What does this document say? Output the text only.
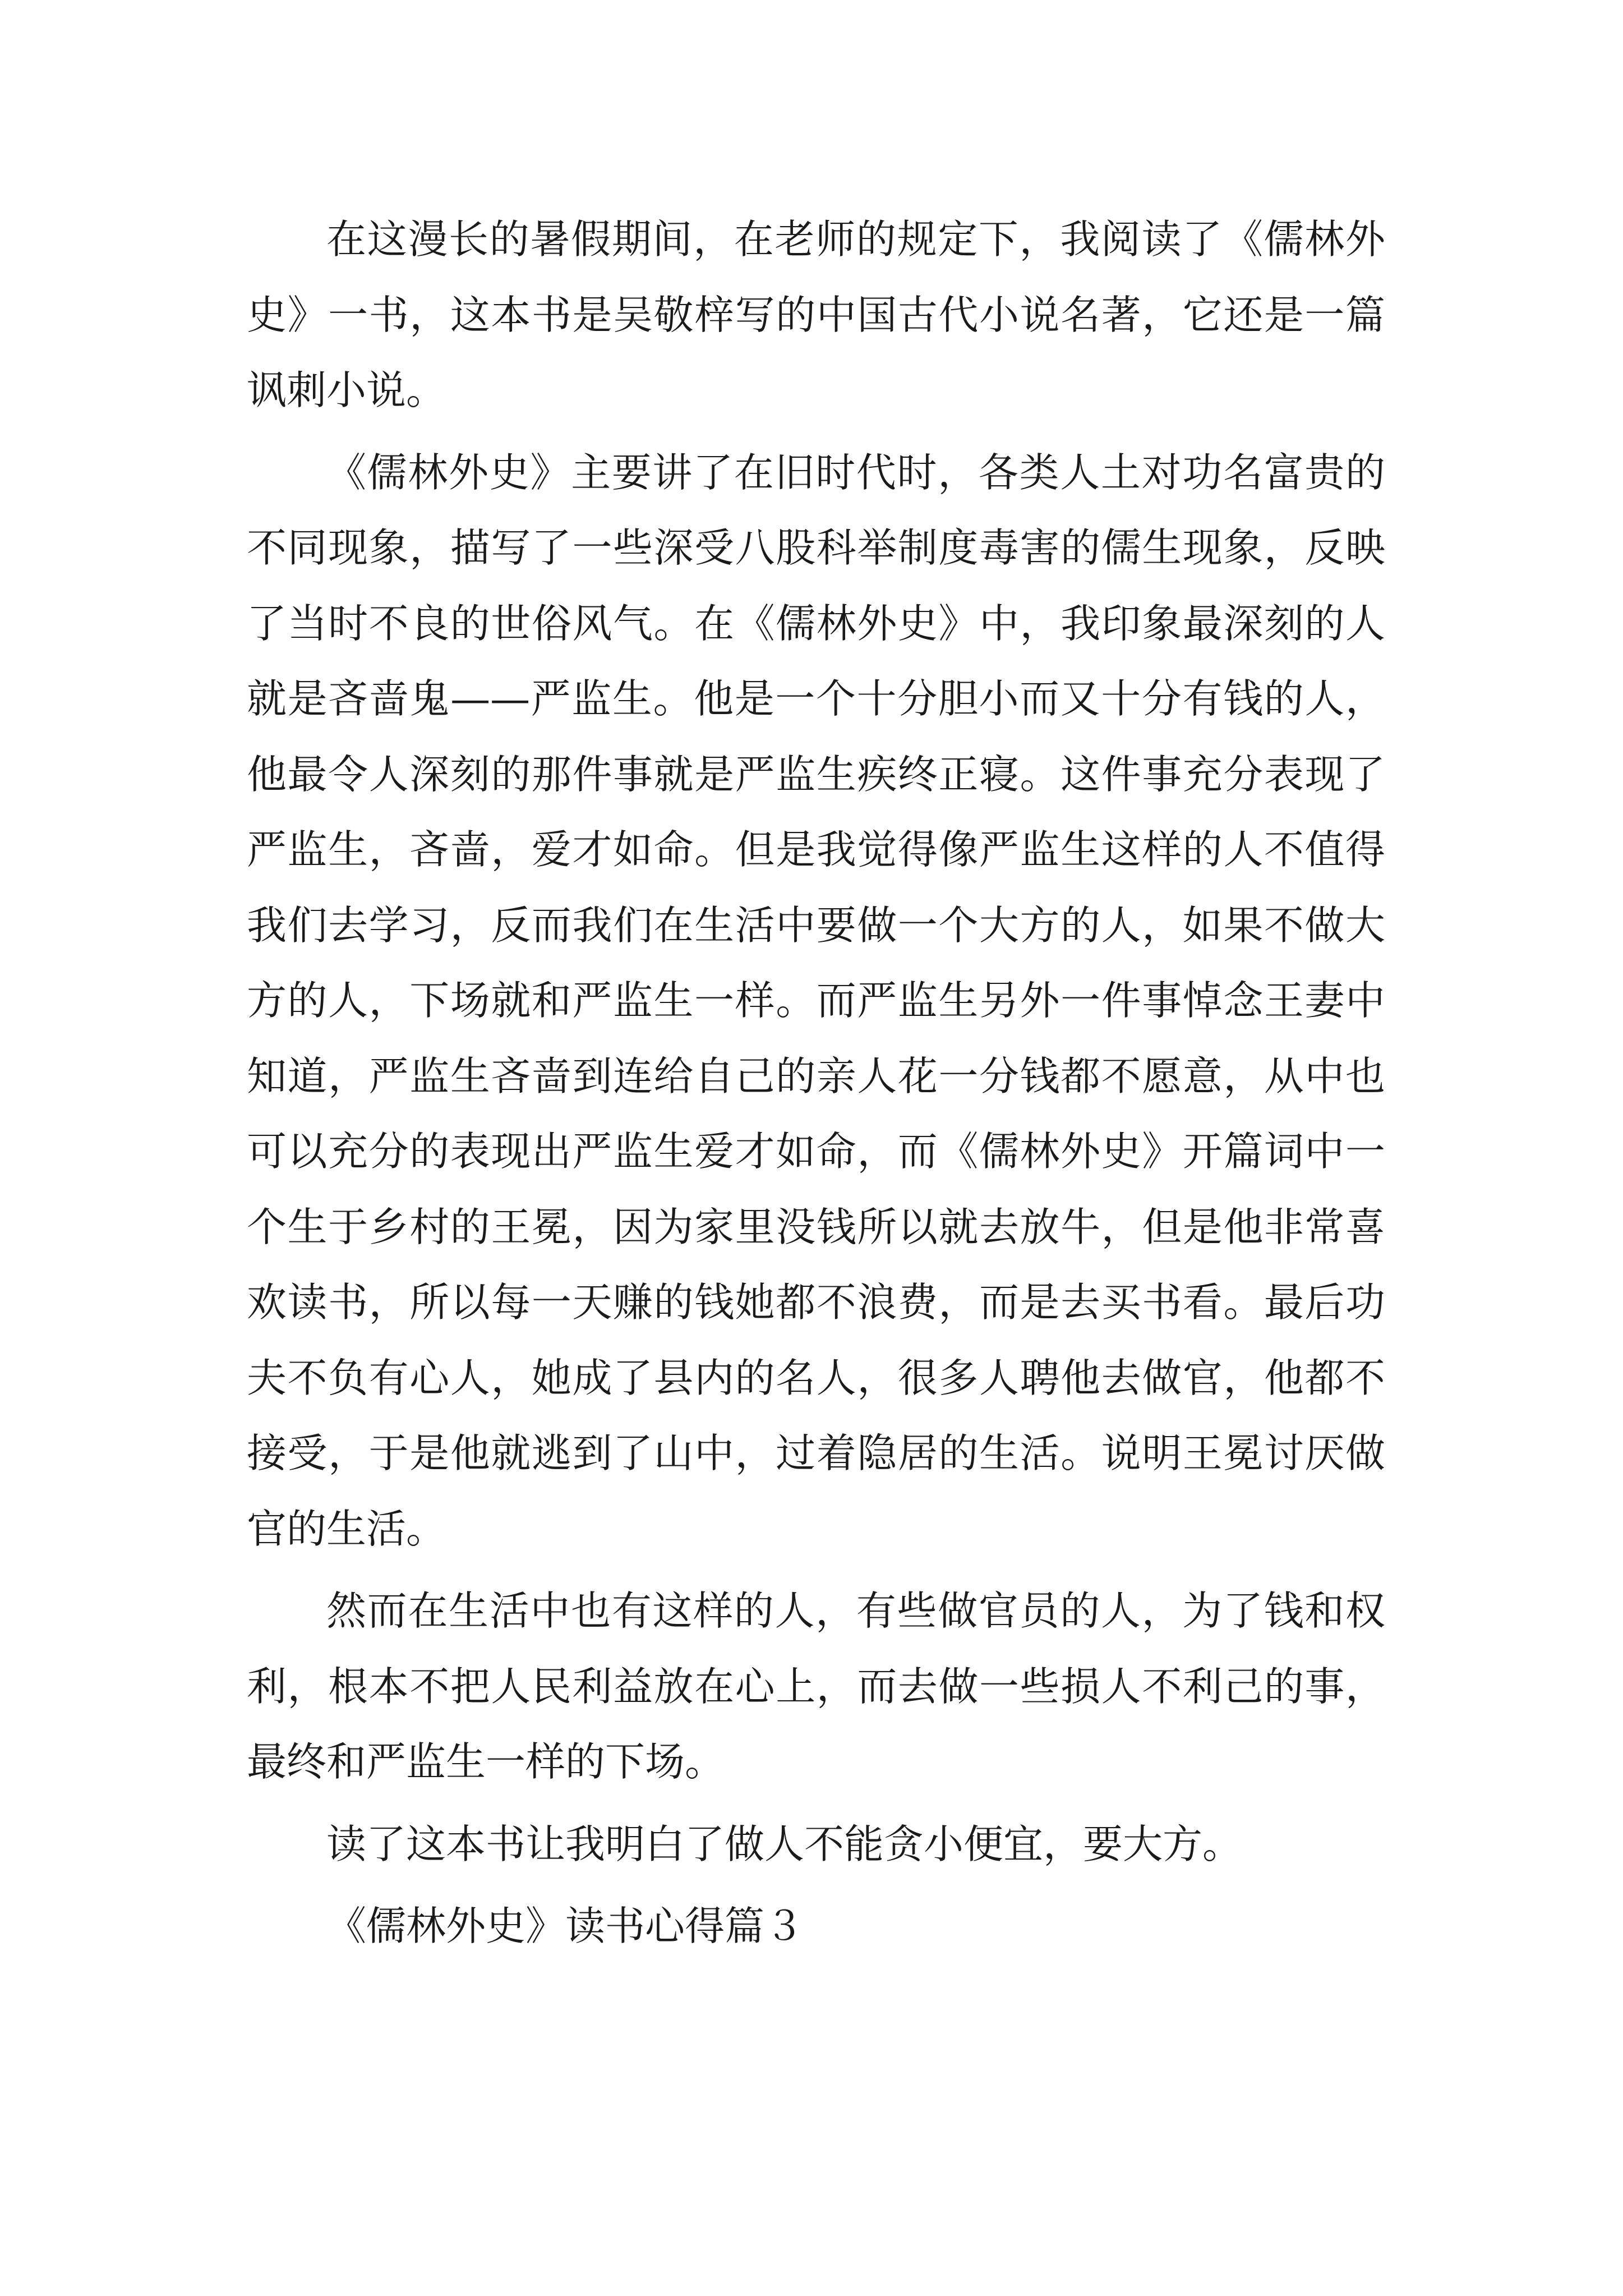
在这漫长的暑假期间，在老师的规定下，我阅读了《儒林外史》一书，这本书是吴敬梓写的中国古代小说名著，它还是一篇讽刺小说。

《儒林外史》主要讲了在旧时代时，各类人土对功名富贵的不同现象，描写了一些深受八股科举制度毒害的儒生现象，反映了当时不良的世俗风气。在《儒林外史》中，我印象最深刻的人就是吝啬鬼——严监生。他是一个十分胆小而又十分有钱的人，他最令人深刻的那件事就是严监生疾终正寝。这件事充分表现了严监生，吝啬，爱才如命。但是我觉得像严监生这样的人不值得我们去学习，反而我们在生活中要做一个大方的人，如果不做大方的人，下场就和严监生一样。而严监生另外一件事悼念王妻中知道，严监生吝啬到连给自己的亲人花一分钱都不愿意，从中也可以充分的表现出严监生爱才如命，而《儒林外史》开篇词中一个生于乡村的王冕，因为家里没钱所以就去放牛，但是他非常喜欢读书，所以每一天赚的钱她都不浪费，而是去买书看。最后功夫不负有心人，她成了县内的名人，很多人聘他去做官，他都不接受，于是他就逃到了山中，过着隐居的生活。说明王冕讨厌做官的生活。

然而在生活中也有这样的人，有些做官员的人，为了钱和权利，根本不把人民利益放在心上，而去做一些损人不利己的事，最终和严监生一样的下场。

读了这本书让我明白了做人不能贪小便宜，要大方。

《儒林外史》读书心得篇３
